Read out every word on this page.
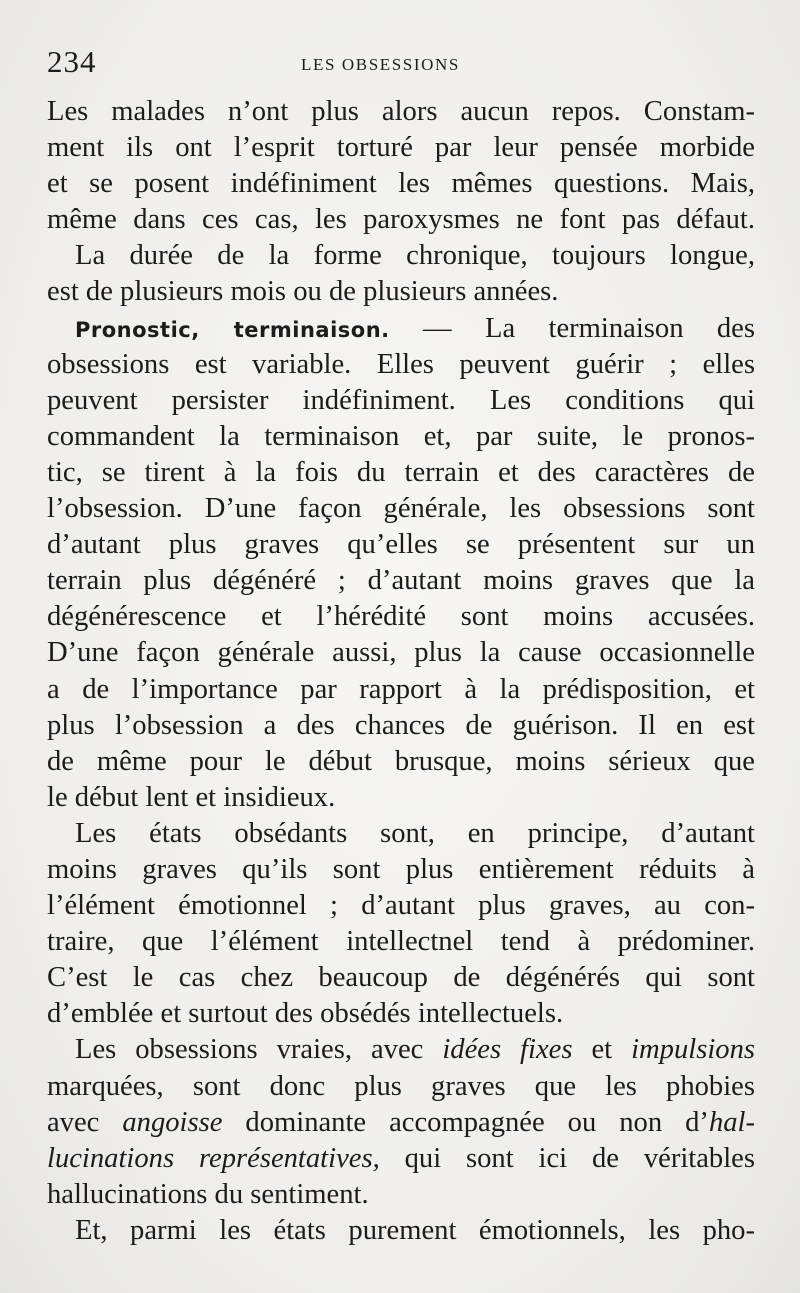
234	LES OBSESSIONS
Les malades n’ont plus alors aucun repos. Constam-
ment ils ont l’esprit torturé par leur pensée morbide
et se posent indéfiniment les mêmes questions. Mais,
même dans ces cas, les paroxysmes ne font pas défaut.
La durée de la forme chronique, toujours longue,
est de plusieurs mois ou de plusieurs années.
Pronostic, terminaison. — La terminaison des
obsessions est variable. Elles peuvent guérir ; elles
peuvent persister indéfiniment. Les conditions qui
commandent la terminaison et, par suite, le pronos-
tic, se tirent à la fois du terrain et des caractères de
l’obsession. D’une façon générale, les obsessions sont
d’autant plus graves qu’elles se présentent sur un
terrain plus dégénéré ; d’autant moins graves que la
dégénérescence et l’hérédité sont moins accusées.
D’une façon générale aussi, plus la cause occasionnelle
a de l’importance par rapport à la prédisposition, et
plus l’obsession a des chances de guérison. Il en est
de même pour le début brusque, moins sérieux que
le début lent et insidieux.
Les états obsédants sont, en principe, d’autant
moins graves qu’ils sont plus entièrement réduits à
l’élément émotionnel ; d’autant plus graves, au con-
traire, que l’élément intellectnel tend à prédominer.
C’est le cas chez beaucoup de dégénérés qui sont
d’emblée et surtout des obsédés intellectuels.
Les obsessions vraies, avec idées fixes et impulsions
marquées, sont donc plus graves que les phobies
avec angoisse dominante accompagnée ou non d’hal-
lucinations représentatives, qui sont ici de véritables
hallucinations du sentiment.
Et, parmi les états purement émotionnels, les pho-
